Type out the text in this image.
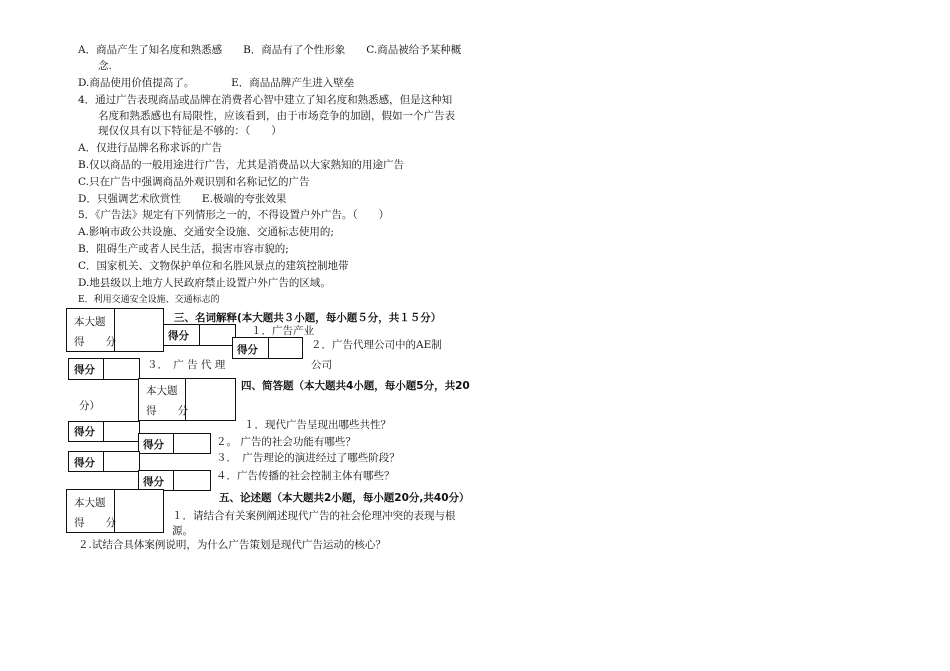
A．商品产生了知名度和熟悉感　　B．商品有了个性形象　　C.商品被给予某种概
念.
D.商品使用价值提高了。　　　　E．商品品牌产生进入壁垒
4．通过广告表现商品或品牌在消费者心智中建立了知名度和熟悉感，但是这种知
名度和熟悉感也有局限性，应该看到，由于市场竞争的加剧，假如一个广告表
现仅仅具有以下特征是不够的：（　　）
A．仅进行品牌名称求诉的广告
B.仅以商品的一般用途进行广告，尤其是消费品以大家熟知的用途广告
C.只在广告中强调商品外观识别和名称记忆的广告
D．只强调艺术欣赏性　　E.极端的夸张效果
5．《广告法》规定有下列情形之一的，不得设置户外广告。（　　）
A.影响市政公共设施、交通安全设施、交通标志使用的;
B．阻碍生产或者人民生活，损害市容市貌的;
C．国家机关、文物保护单位和名胜风景点的建筑控制地带
D.地县级以上地方人民政府禁止设置户外广告的区域。
E．利用交通安全设施、交通标志的
本大题
得　　分	得分
得分
三、名词解释(本大题共３小题，每小题５分，共１５分）
１．广告产业
２．广告代理公司中的AE制
公司
３．　广 告 代 理
得分
本大题
得　　分
四、简答题（本大题共4小题，每小题5分，共20
分）
得分
得分
得分
得分
１．现代广告呈现出哪些共性？
２。 广告的社会功能有哪些？
３．　广告理论的演进经过了哪些阶段？
４．广告传播的社会控制主体有哪些？
本大题
得　　分
五、论述题（本大题共2小题，每小题20分,共40分）
１．请结合有关案例阐述现代广告的社会伦理冲突的表现与根
源。
２.试结合具体案例说明，为什么广告策划是现代广告运动的核心？
